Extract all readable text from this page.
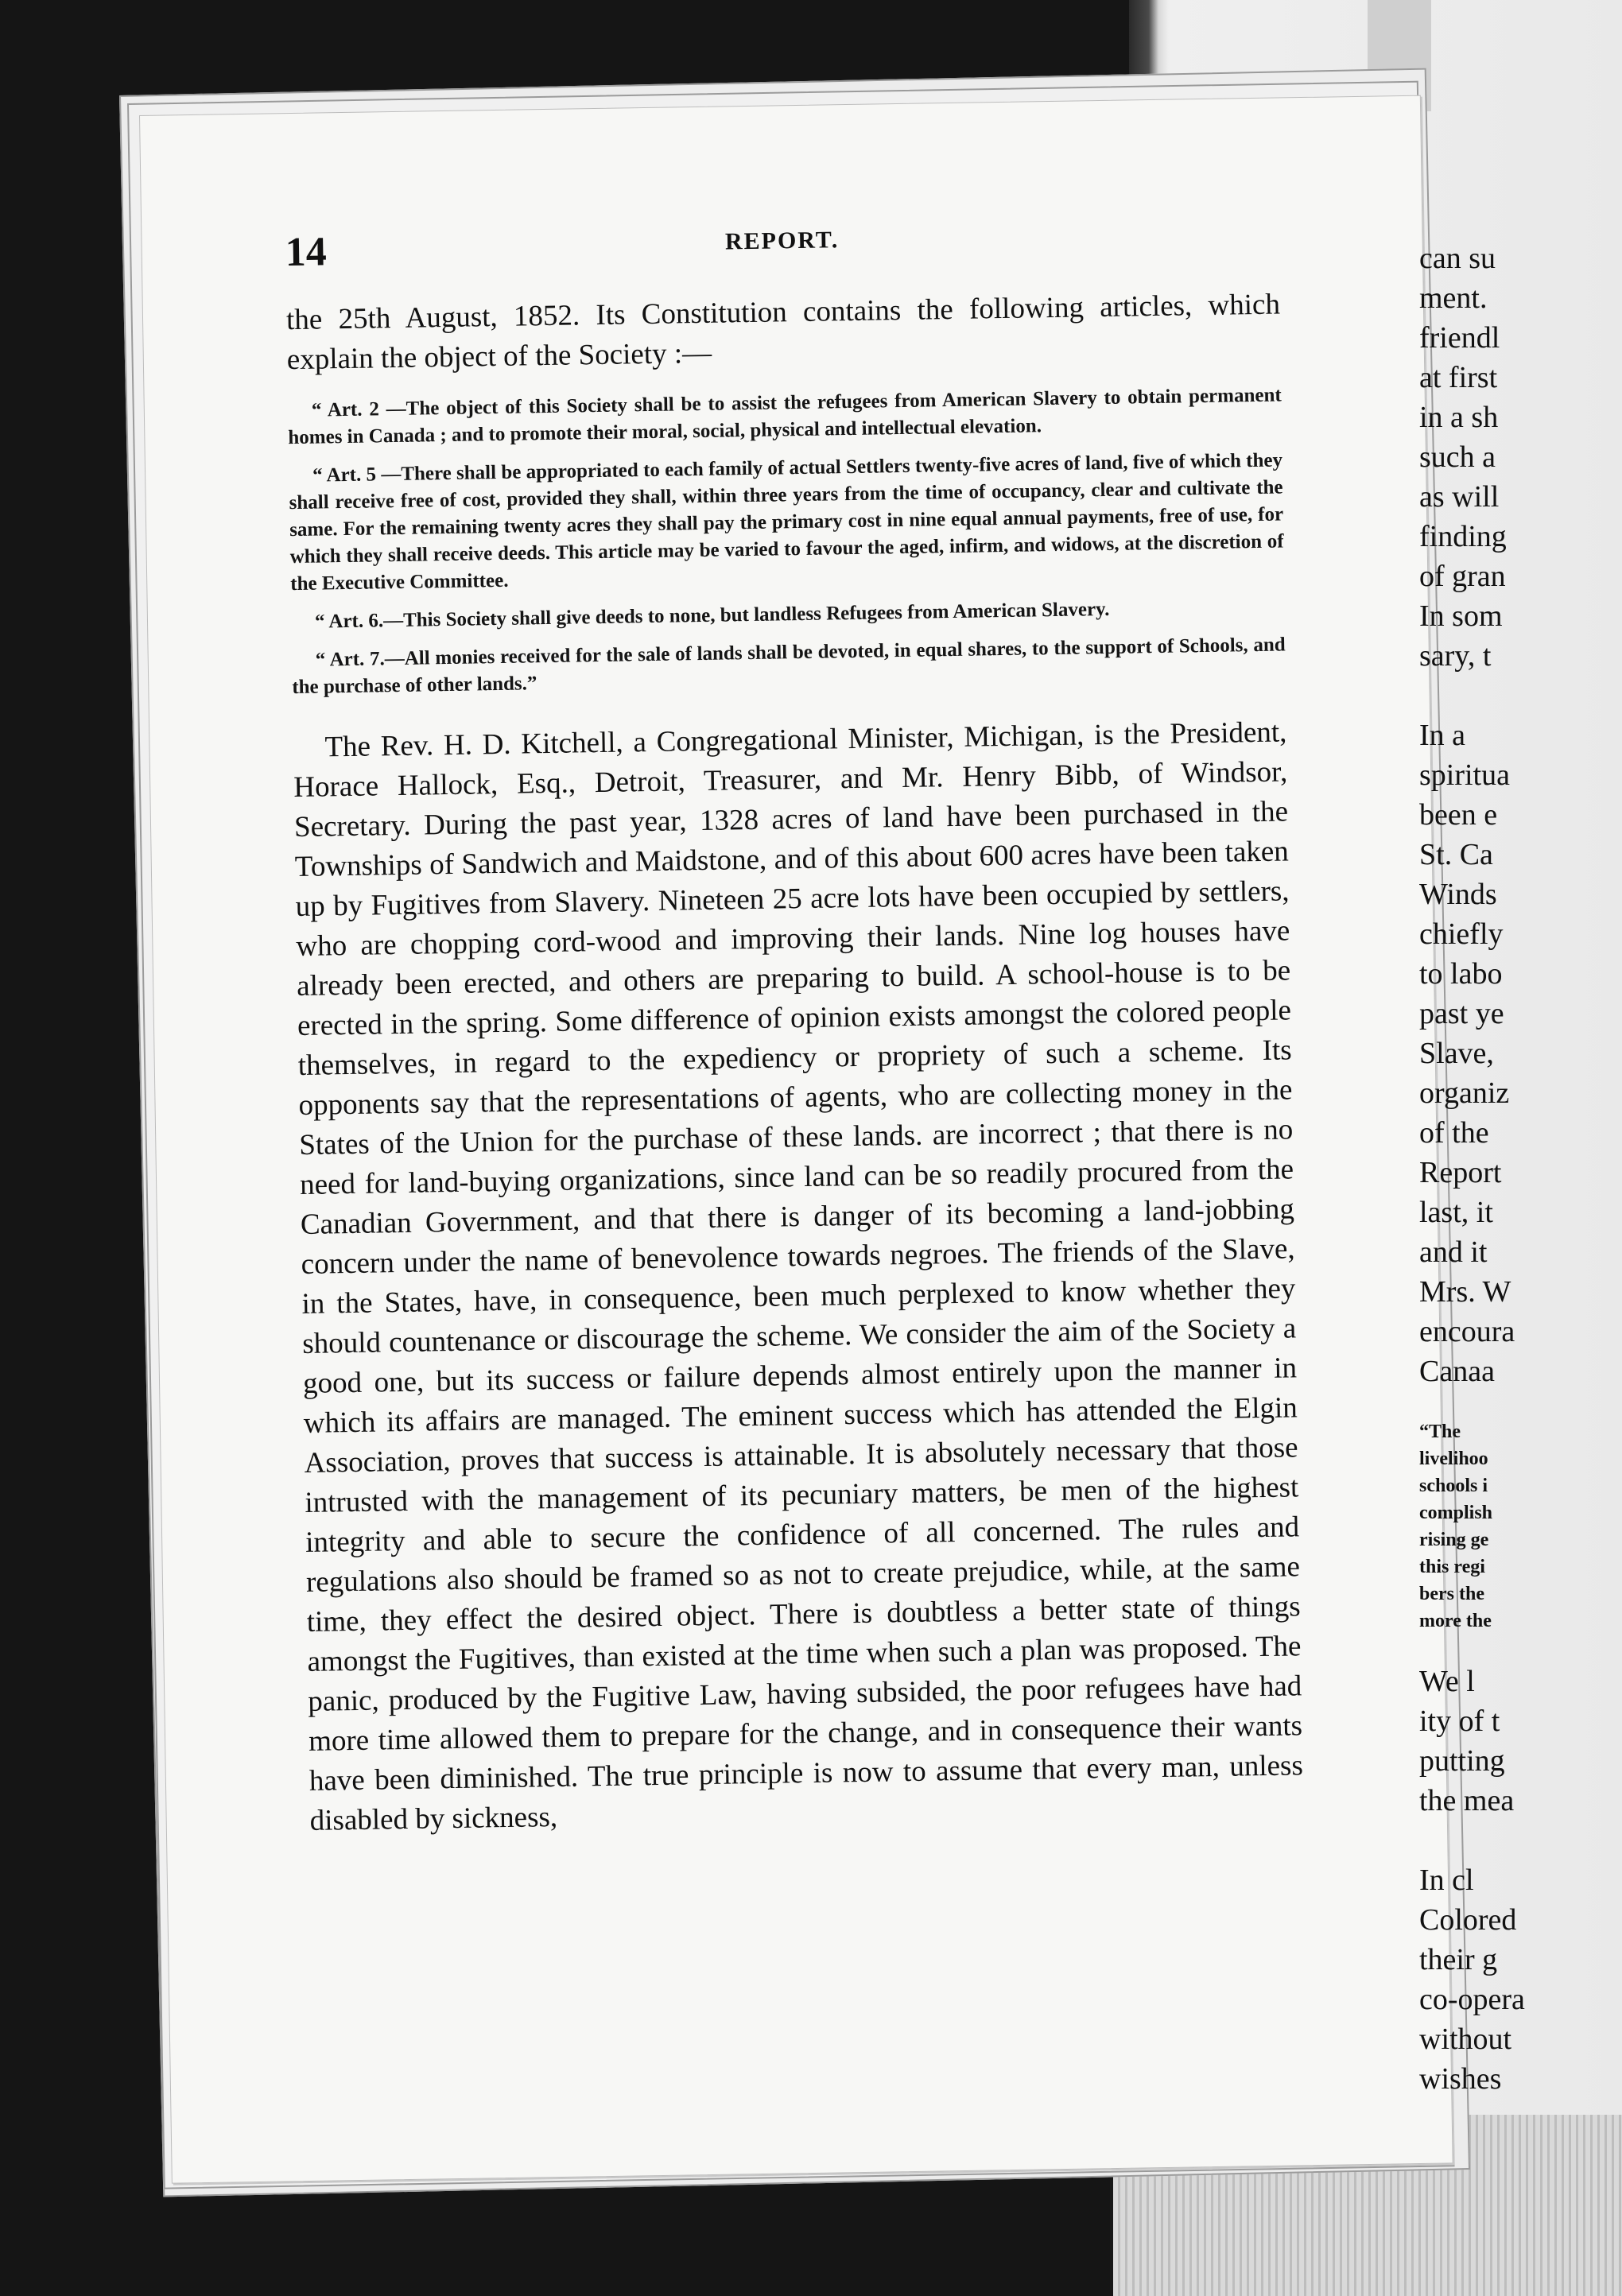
14	REPORT.

the 25th August, 1852. Its Constitution contains the following articles, which explain the object of the Society :—

“ Art. 2 —The object of this Society shall be to assist the refugees from American Slavery to obtain permanent homes in Canada ; and to promote their moral, social, physical and intellectual elevation.

“ Art. 5 —There shall be appropriated to each family of actual Settlers twenty-five acres of land, five of which they shall receive free of cost, provided they shall, within three years from the time of occupancy, clear and cultivate the same. For the remaining twenty acres they shall pay the primary cost in nine equal annual payments, free of use, for which they shall receive deeds. This article may be varied to favour the aged, infirm, and widows, at the discretion of the Executive Committee.

“ Art. 6.—This Society shall give deeds to none, but landless Refugees from American Slavery.

“ Art. 7.—All monies received for the sale of lands shall be devoted, in equal shares, to the support of Schools, and the purchase of other lands.”

The Rev. H. D. Kitchell, a Congregational Minister, Michigan, is the President, Horace Hallock, Esq., Detroit, Treasurer, and Mr. Henry Bibb, of Windsor, Secretary. During the past year, 1328 acres of land have been purchased in the Townships of Sandwich and Maidstone, and of this about 600 acres have been taken up by Fugitives from Slavery. Nineteen 25 acre lots have been occupied by settlers, who are chopping cord-wood and improving their lands. Nine log houses have already been erected, and others are preparing to build. A school-house is to be erected in the spring. Some difference of opinion exists amongst the colored people themselves, in regard to the expediency or propriety of such a scheme. Its opponents say that the representations of agents, who are collecting money in the States of the Union for the purchase of these lands. are incorrect ; that there is no need for land-buying organizations, since land can be so readily procured from the Canadian Government, and that there is danger of its becoming a land-jobbing concern under the name of benevolence towards negroes. The friends of the Slave, in the States, have, in consequence, been much perplexed to know whether they should countenance or discourage the scheme. We consider the aim of the Society a good one, but its success or failure depends almost entirely upon the manner in which its affairs are managed. The eminent success which has attended the Elgin Association, proves that success is attainable. It is absolutely necessary that those intrusted with the management of its pecuniary matters, be men of the highest integrity and able to secure the confidence of all concerned. The rules and regulations also should be framed so as not to create prejudice, while, at the same time, they effect the desired object. There is doubtless a better state of things amongst the Fugitives, than existed at the time when such a plan was proposed. The panic, produced by the Fugitive Law, having subsided, the poor refugees have had more time allowed them to prepare for the change, and in consequence their wants have been diminished. The true principle is now to assume that every man, unless disabled by sickness,

can su
ment.
friendl
at first
in a sh
such a
as will
finding
of gran
In som
sary, t
In a
spiritua
been e
St. Ca
Winds
chiefly
to labo
past ye
Slave,
organiz
of the
Report
last, it
and it
Mrs. W
encoura
Canaa
“The
livelihoo
schools i
complish
rising ge
this regi
bers the
more the
We l
ity of t
putting
the mea
In cl
Colored
their g
co-opera
without
wishes
